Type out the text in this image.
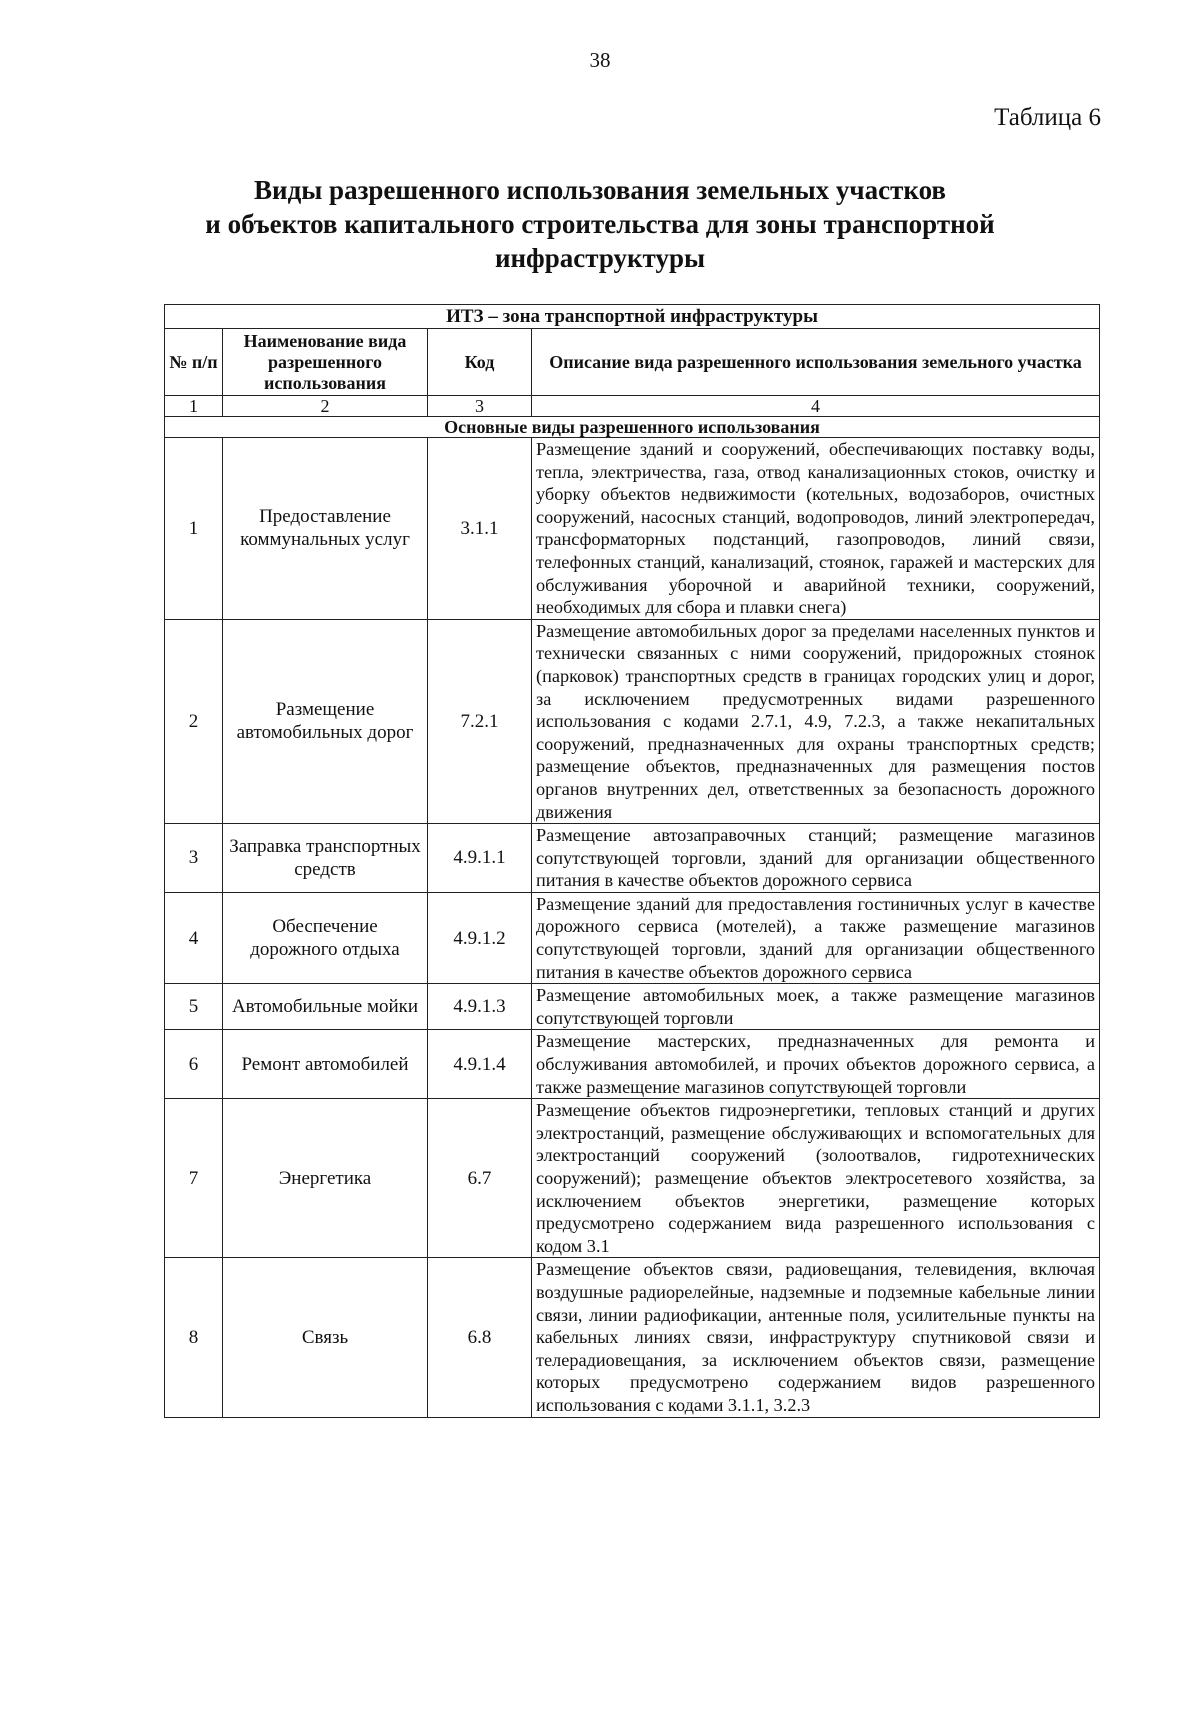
38
Таблица 6
Виды разрешенного использования земельных участков
и объектов капитального строительства для зоны транспортной
инфраструктуры
ИТЗ – зона транспортной инфраструктуры			
№ п/п	Наименование вида разрешенного использования	Код	Описание вида разрешенного использования земельного участка
1	2	3	4
Основные виды разрешенного использования			
1	Предоставление коммунальных услуг	3.1.1	Размещение зданий и сооружений, обеспечивающих поставку воды, тепла, электричества, газа, отвод канализационных стоков, очистку и уборку объектов недвижимости (котельных, водозаборов, очистных сооружений, насосных станций, водопроводов, линий электропередач, трансформаторных подстанций, газопроводов, линий связи, телефонных станций, канализаций, стоянок, гаражей и мастерских для обслуживания уборочной и аварийной техники, сооружений, необходимых для сбора и плавки снега)
2	Размещение автомобильных дорог	7.2.1	Размещение автомобильных дорог за пределами населенных пунктов и технически связанных с ними сооружений, придорожных стоянок (парковок) транспортных средств в границах городских улиц и дорог, за исключением предусмотренных видами разрешенного использования с кодами 2.7.1, 4.9, 7.2.3, а также некапитальных сооружений, предназначенных для охраны транспортных средств; размещение объектов, предназначенных для размещения постов органов внутренних дел, ответственных за безопасность дорожного движения
3	Заправка транспортных средств	4.9.1.1	Размещение автозаправочных станций; размещение магазинов сопутствующей торговли, зданий для организации общественного питания в качестве объектов дорожного сервиса
4	Обеспечение дорожного отдыха	4.9.1.2	Размещение зданий для предоставления гостиничных услуг в качестве дорожного сервиса (мотелей), а также размещение магазинов сопутствующей торговли, зданий для организации общественного питания в качестве объектов дорожного сервиса
5	Автомобильные мойки	4.9.1.3	Размещение автомобильных моек, а также размещение магазинов сопутствующей торговли
6	Ремонт автомобилей	4.9.1.4	Размещение мастерских, предназначенных для ремонта и обслуживания автомобилей, и прочих объектов дорожного сервиса, а также размещение магазинов сопутствующей торговли
7	Энергетика	6.7	Размещение объектов гидроэнергетики, тепловых станций и других электростанций, размещение обслуживающих и вспомогательных для электростанций сооружений (золоотвалов, гидротехнических сооружений); размещение объектов электросетевого хозяйства, за исключением объектов энергетики, размещение которых предусмотрено содержанием вида разрешенного использования с кодом 3.1
8	Связь	6.8	Размещение объектов связи, радиовещания, телевидения, включая воздушные радиорелейные, надземные и подземные кабельные линии связи, линии радиофикации, антенные поля, усилительные пункты на кабельных линиях связи, инфраструктуру спутниковой связи и телерадиовещания, за исключением объектов связи, размещение которых предусмотрено содержанием видов разрешенного использования с кодами 3.1.1, 3.2.3
